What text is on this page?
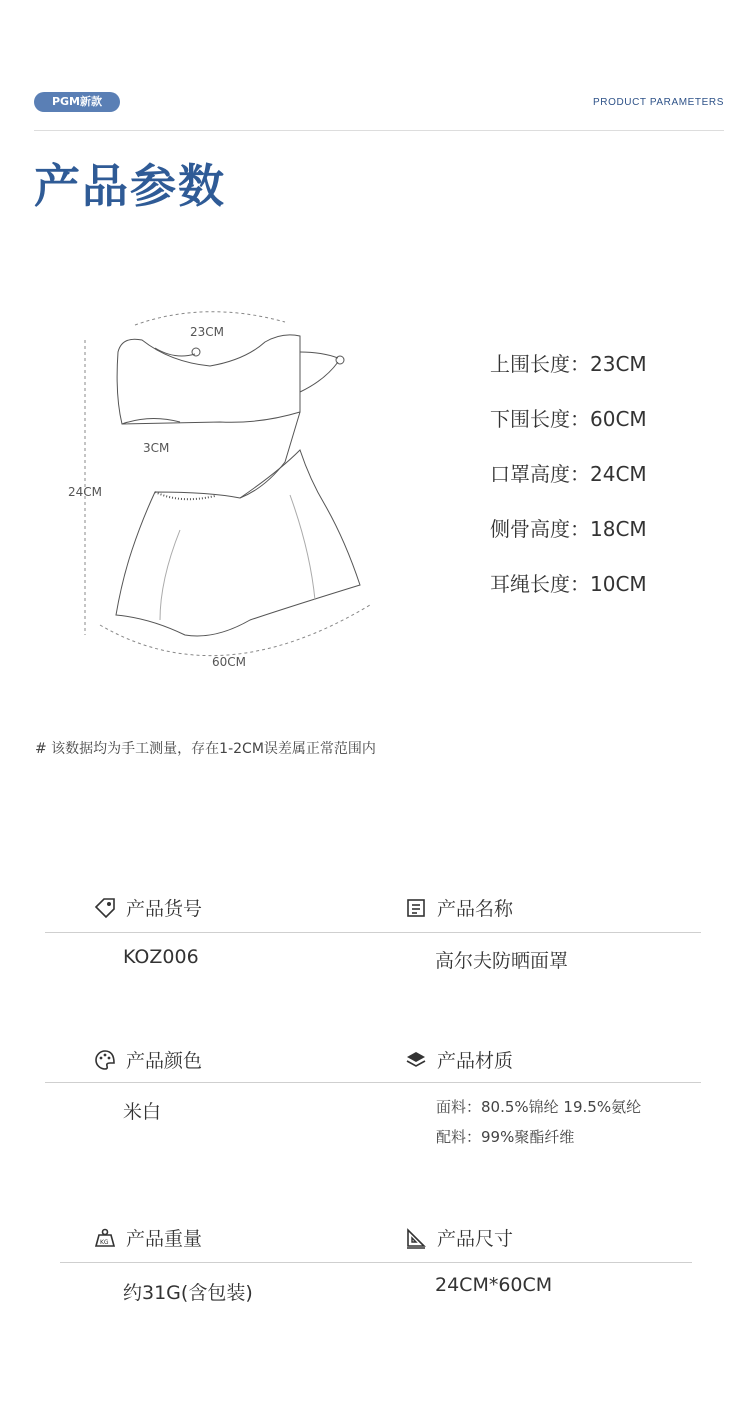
PGM新款	PRODUCT PARAMETERS
产品参数
23CM
3CM
24CM
60CM
上围长度：23CM
下围长度：60CM
口罩高度：24CM
侧骨高度：18CM
耳绳长度：10CM
# 该数据均为手工测量，存在1-2CM误差属正常范围内
产品货号	产品名称
KOZ006	高尔夫防晒面罩
产品颜色	产品材质
米白	面料：80.5%锦纶 19.5%氨纶
配料：99%聚酯纤维
KG 产品重量	产品尺寸
约31G(含包装)	24CM*60CM
